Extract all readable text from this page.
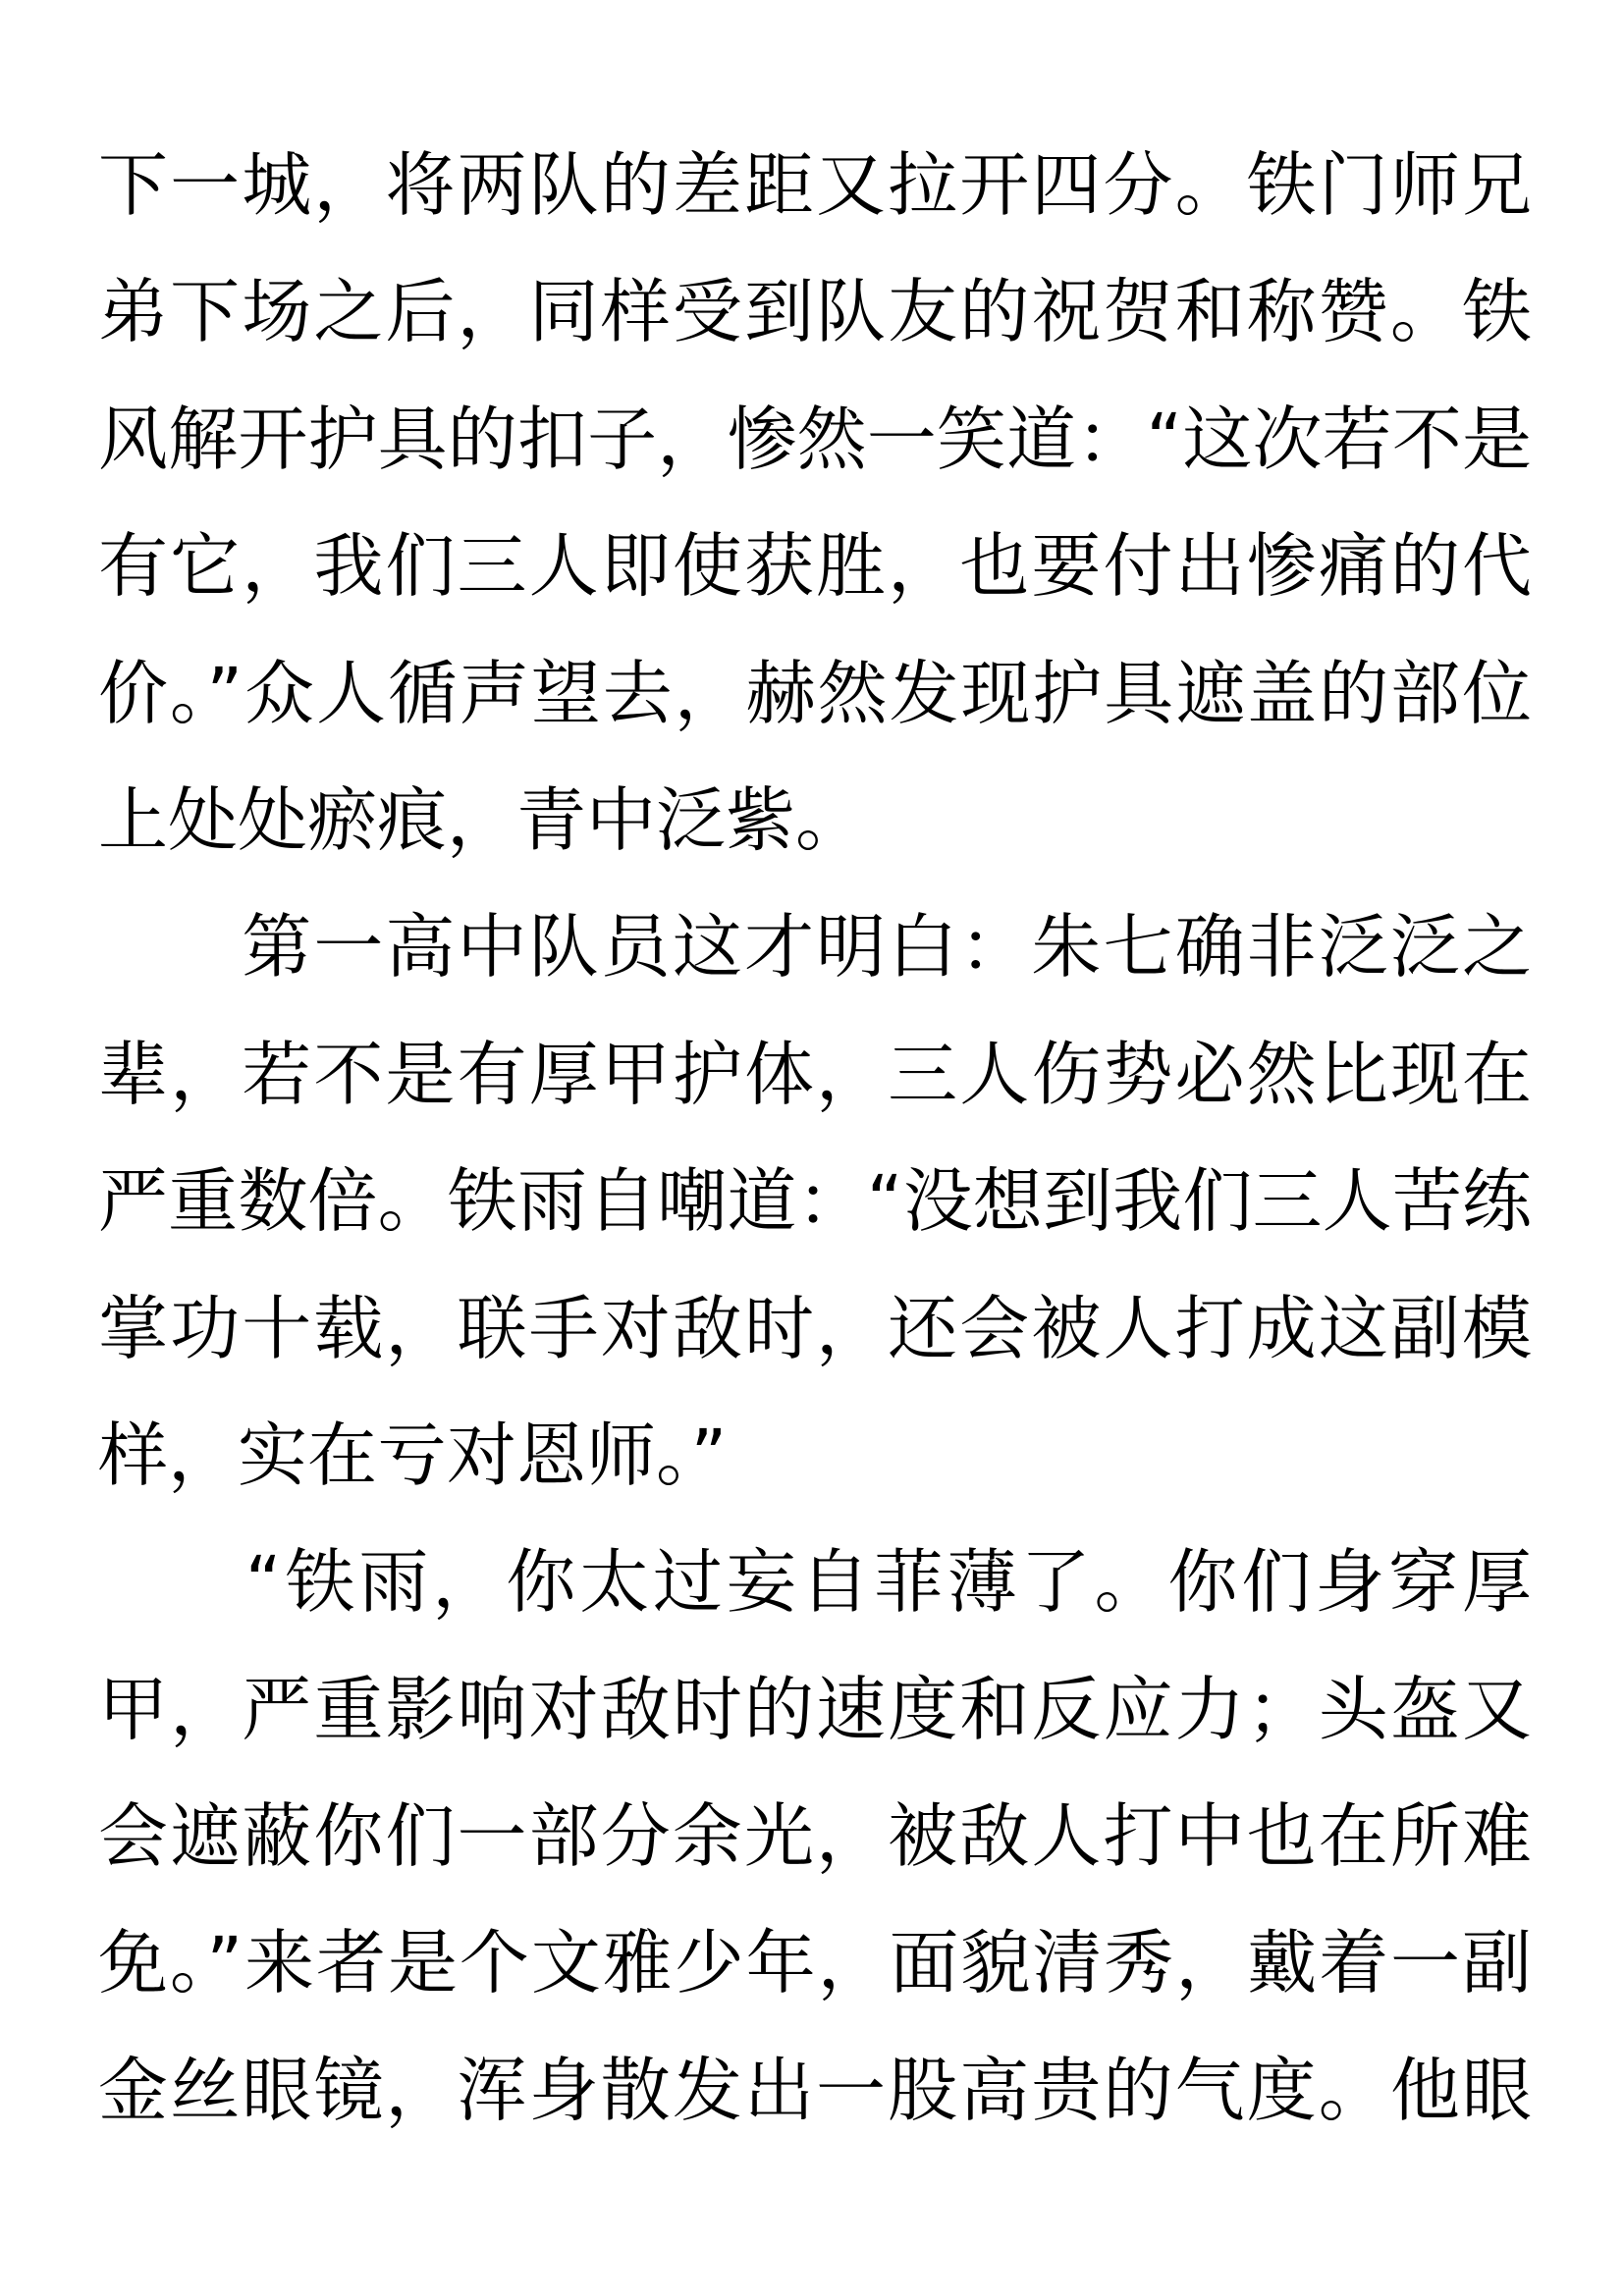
下一城，将两队的差距又拉开四分。铁门师兄
弟下场之后，同样受到队友的祝贺和称赞。铁
风解开护具的扣子，惨然一笑道：“这次若不是
有它，我们三人即使获胜，也要付出惨痛的代
价。”众人循声望去，赫然发现护具遮盖的部位
上处处瘀痕，青中泛紫。
　　第一高中队员这才明白：朱七确非泛泛之
辈，若不是有厚甲护体，三人伤势必然比现在
严重数倍。铁雨自嘲道：“没想到我们三人苦练
掌功十载，联手对敌时，还会被人打成这副模
样，实在亏对恩师。”
　　“铁雨，你太过妄自菲薄了。你们身穿厚
甲，严重影响对敌时的速度和反应力；头盔又
会遮蔽你们一部分余光，被敌人打中也在所难
免。”来者是个文雅少年，面貌清秀，戴着一副
金丝眼镜，浑身散发出一股高贵的气度。他眼
